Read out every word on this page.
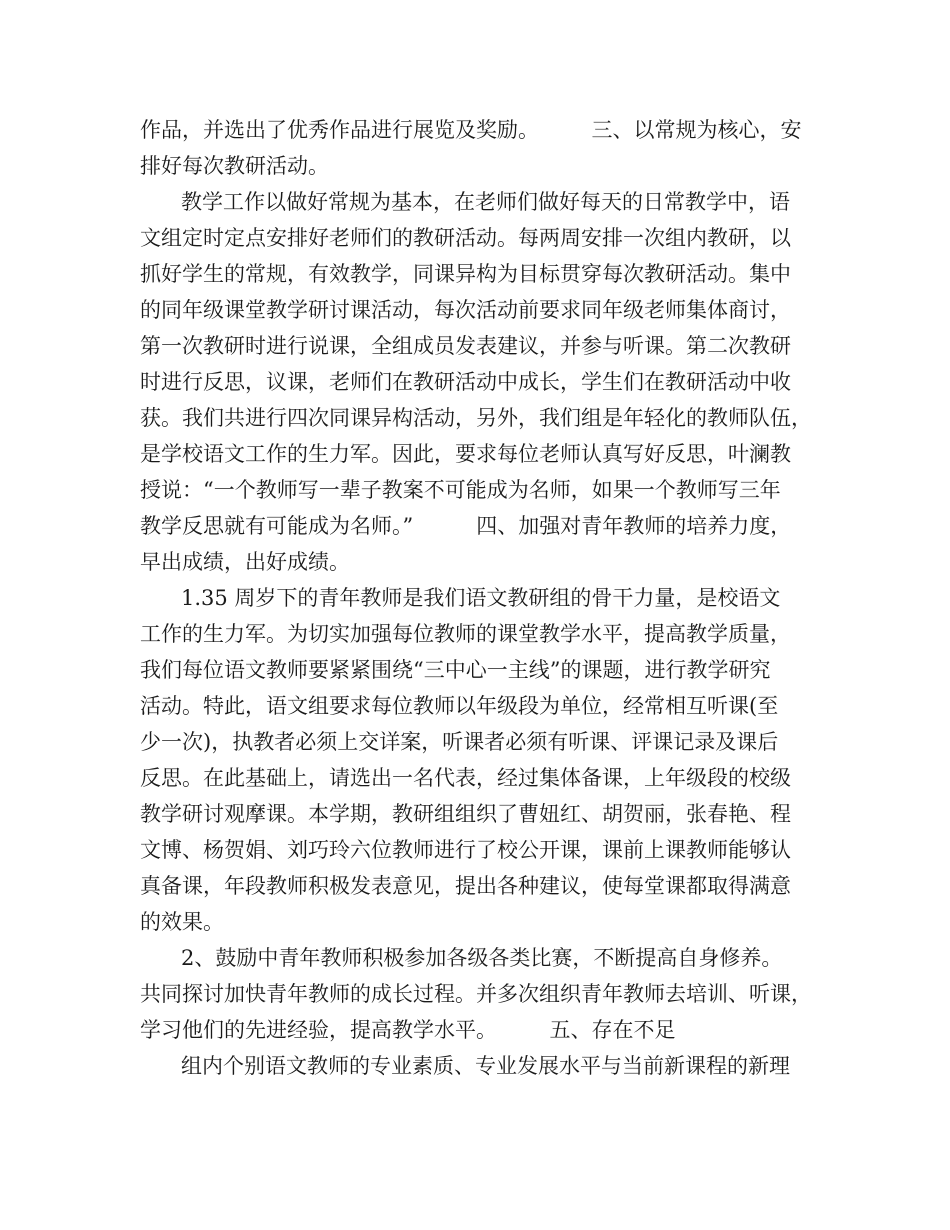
作品，并选出了优秀作品进行展览及奖励。　　　三、以常规为核心，安
排好每次教研活动。
教学工作以做好常规为基本，在老师们做好每天的日常教学中，语
文组定时定点安排好老师们的教研活动。每两周安排一次组内教研，以
抓好学生的常规，有效教学，同课异构为目标贯穿每次教研活动。集中
的同年级课堂教学研讨课活动，每次活动前要求同年级老师集体商讨，
第一次教研时进行说课，全组成员发表建议，并参与听课。第二次教研
时进行反思，议课，老师们在教研活动中成长，学生们在教研活动中收
获。我们共进行四次同课异构活动，另外，我们组是年轻化的教师队伍，
是学校语文工作的生力军。因此，要求每位老师认真写好反思，叶澜教
授说：“一个教师写一辈子教案不可能成为名师，如果一个教师写三年
教学反思就有可能成为名师。”　　　四、加强对青年教师的培养力度，
早出成绩，出好成绩。
1.35 周岁下的青年教师是我们语文教研组的骨干力量，是校语文
工作的生力军。为切实加强每位教师的课堂教学水平，提高教学质量，
我们每位语文教师要紧紧围绕“三中心一主线”的课题，进行教学研究
活动。特此，语文组要求每位教师以年级段为单位，经常相互听课(至
少一次)，执教者必须上交详案，听课者必须有听课、评课记录及课后
反思。在此基础上，请选出一名代表，经过集体备课，上年级段的校级
教学研讨观摩课。本学期，教研组组织了曹妞红、胡贺丽，张春艳、程
文博、杨贺娟、刘巧玲六位教师进行了校公开课，课前上课教师能够认
真备课，年段教师积极发表意见，提出各种建议，使每堂课都取得满意
的效果。
2、鼓励中青年教师积极参加各级各类比赛，不断提高自身修养。
共同探讨加快青年教师的成长过程。并多次组织青年教师去培训、听课，
学习他们的先进经验，提高教学水平。　　　五、存在不足
组内个别语文教师的专业素质、专业发展水平与当前新课程的新理
